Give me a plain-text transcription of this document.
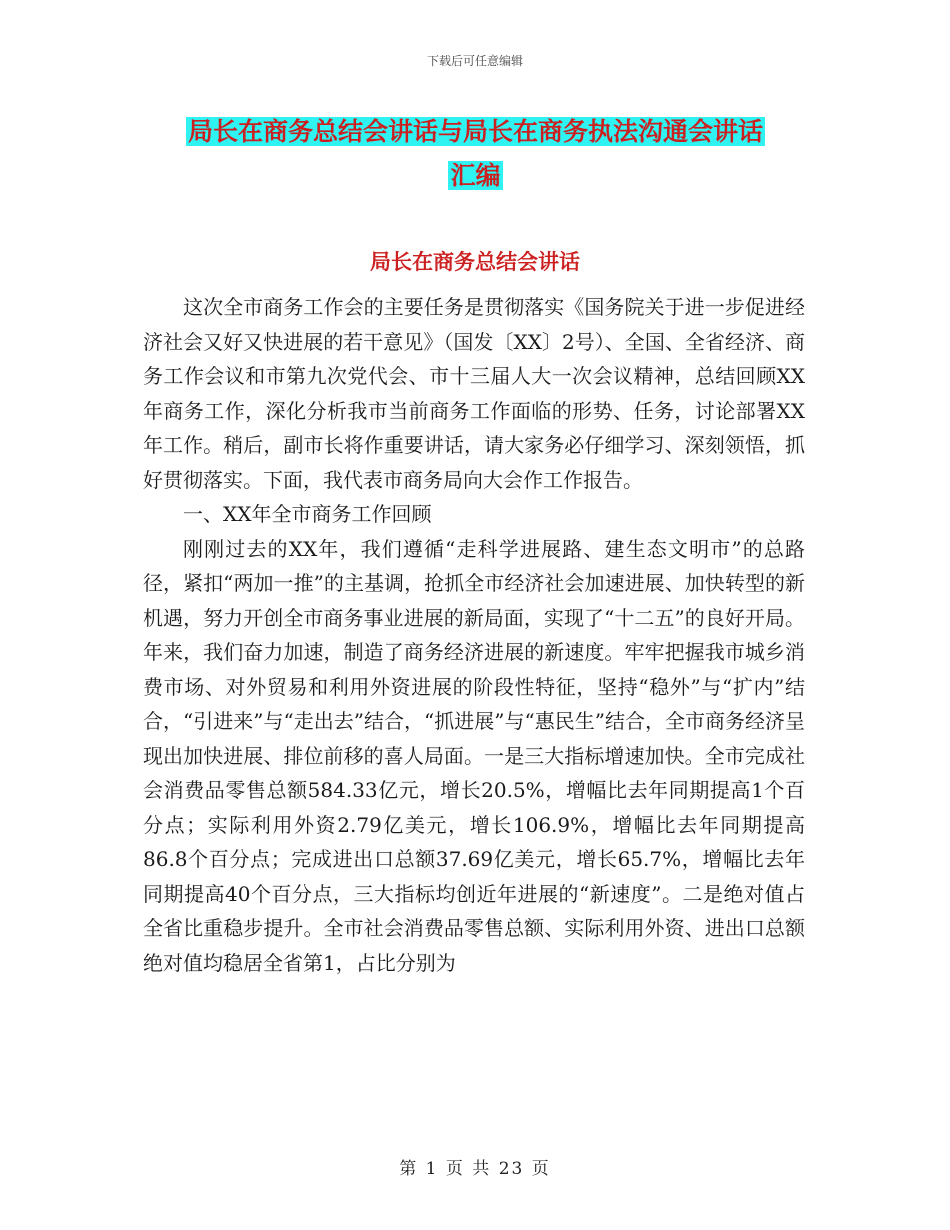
下载后可任意编辑
局长在商务总结会讲话与局长在商务执法沟通会讲话
汇编
局长在商务总结会讲话

这次全市商务工作会的主要任务是贯彻落实《国务院关于进一步促进经济社会又好又快进展的若干意见》（国发〔XX〕2号）、全国、全省经济、商务工作会议和市第九次党代会、市十三届人大一次会议精神，总结回顾XX年商务工作，深化分析我市当前商务工作面临的形势、任务，讨论部署XX年工作。稍后，副市长将作重要讲话，请大家务必仔细学习、深刻领悟，抓好贯彻落实。下面，我代表市商务局向大会作工作报告。

一、XX年全市商务工作回顾

刚刚过去的XX年，我们遵循“走科学进展路、建生态文明市”的总路径，紧扣“两加一推”的主基调，抢抓全市经济社会加速进展、加快转型的新机遇，努力开创全市商务事业进展的新局面，实现了“十二五”的良好开局。年来，我们奋力加速，制造了商务经济进展的新速度。牢牢把握我市城乡消费市场、对外贸易和利用外资进展的阶段性特征，坚持“稳外”与“扩内”结合，“引进来”与“走出去”结合，“抓进展”与“惠民生”结合，全市商务经济呈现出加快进展、排位前移的喜人局面。一是三大指标增速加快。全市完成社会消费品零售总额584.33亿元，增长20.5%，增幅比去年同期提高1个百分点；实际利用外资2.79亿美元，增长106.9%，增幅比去年同期提高86.8个百分点；完成进出口总额37.69亿美元，增长65.7%，增幅比去年同期提高40个百分点，三大指标均创近年进展的“新速度”。二是绝对值占全省比重稳步提升。全市社会消费品零售总额、实际利用外资、进出口总额绝对值均稳居全省第1，占比分别为

第 1 页 共 23 页
